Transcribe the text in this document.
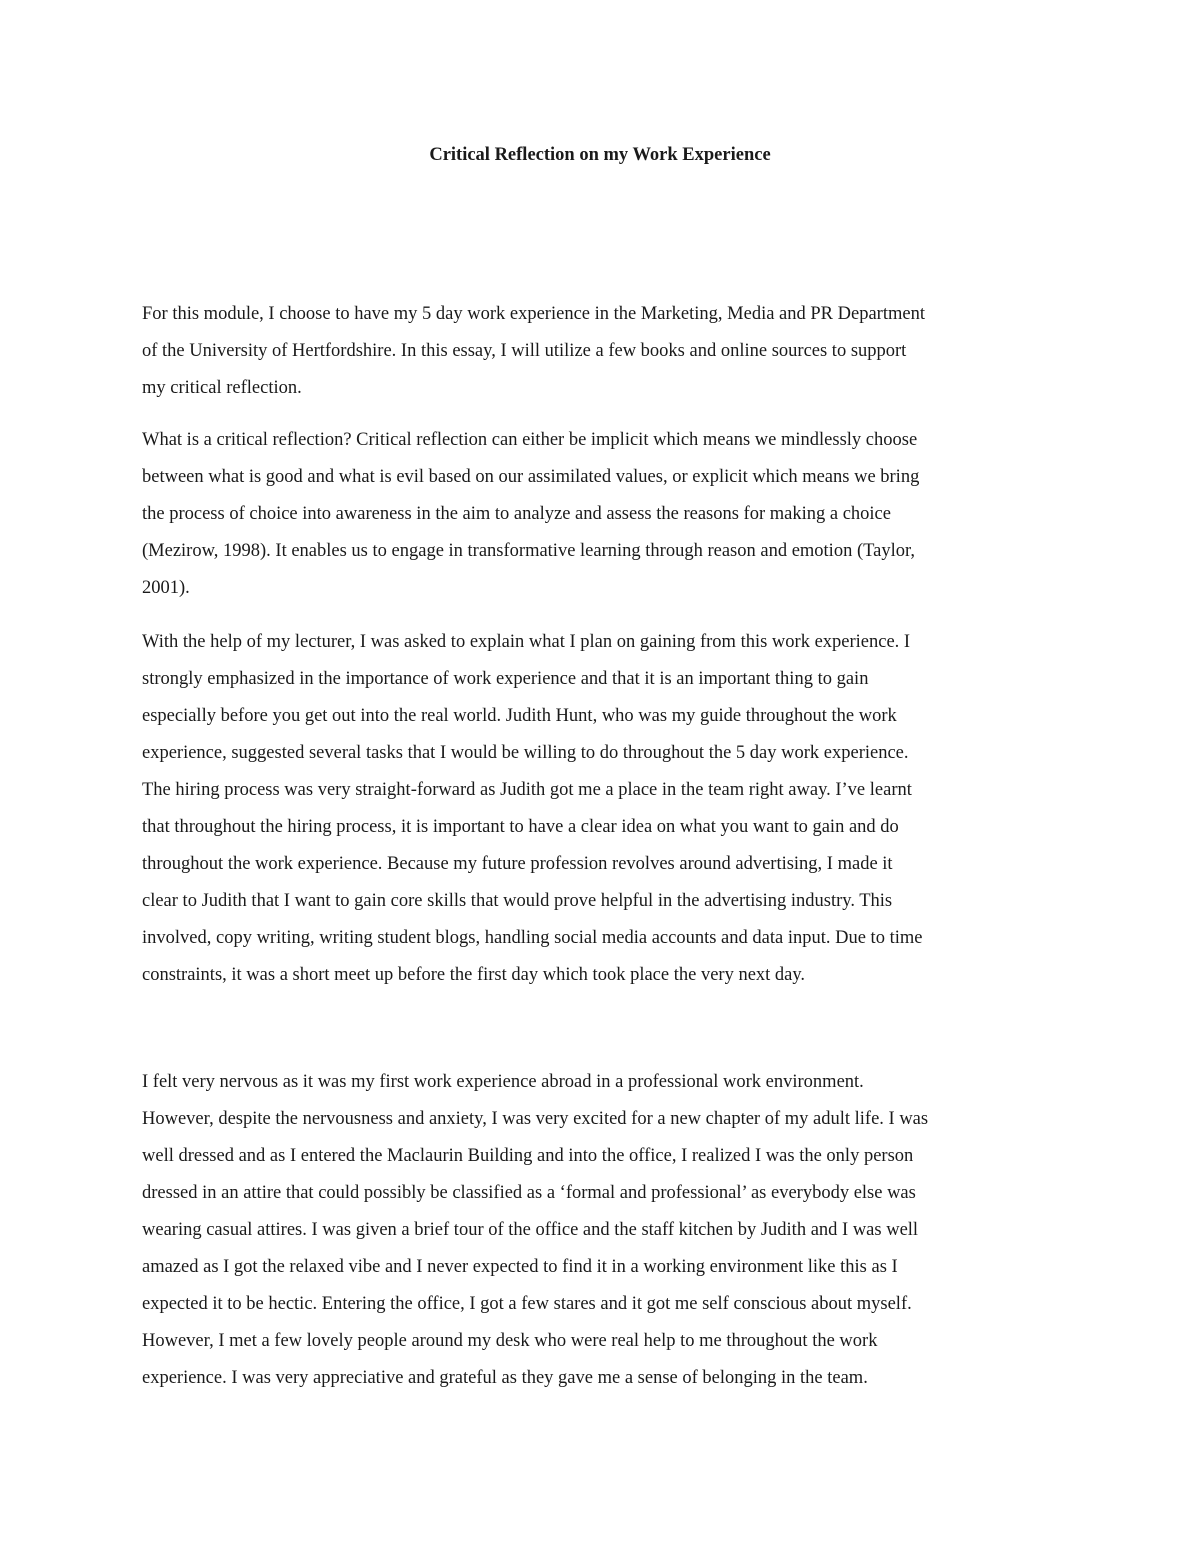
Critical Reflection on my Work Experience

For this module, I choose to have my 5 day work experience in the Marketing, Media and PR Department
of the University of Hertfordshire. In this essay, I will utilize a few books and online sources to support
my critical reflection.

What is a critical reflection? Critical reflection can either be implicit which means we mindlessly choose
between what is good and what is evil based on our assimilated values, or explicit which means we bring
the process of choice into awareness in the aim to analyze and assess the reasons for making a choice
(Mezirow, 1998). It enables us to engage in transformative learning through reason and emotion (Taylor,
2001).

With the help of my lecturer, I was asked to explain what I plan on gaining from this work experience. I
strongly emphasized in the importance of work experience and that it is an important thing to gain
especially before you get out into the real world. Judith Hunt, who was my guide throughout the work
experience, suggested several tasks that I would be willing to do throughout the 5 day work experience.
The hiring process was very straight-forward as Judith got me a place in the team right away. I’ve learnt
that throughout the hiring process, it is important to have a clear idea on what you want to gain and do
throughout the work experience. Because my future profession revolves around advertising, I made it
clear to Judith that I want to gain core skills that would prove helpful in the advertising industry. This
involved, copy writing, writing student blogs, handling social media accounts and data input. Due to time
constraints, it was a short meet up before the first day which took place the very next day.

I felt very nervous as it was my first work experience abroad in a professional work environment.
However, despite the nervousness and anxiety, I was very excited for a new chapter of my adult life. I was
well dressed and as I entered the Maclaurin Building and into the office, I realized I was the only person
dressed in an attire that could possibly be classified as a ‘formal and professional’ as everybody else was
wearing casual attires. I was given a brief tour of the office and the staff kitchen by Judith and I was well
amazed as I got the relaxed vibe and I never expected to find it in a working environment like this as I
expected it to be hectic. Entering the office, I got a few stares and it got me self conscious about myself.
However, I met a few lovely people around my desk who were real help to me throughout the work
experience. I was very appreciative and grateful as they gave me a sense of belonging in the team.
